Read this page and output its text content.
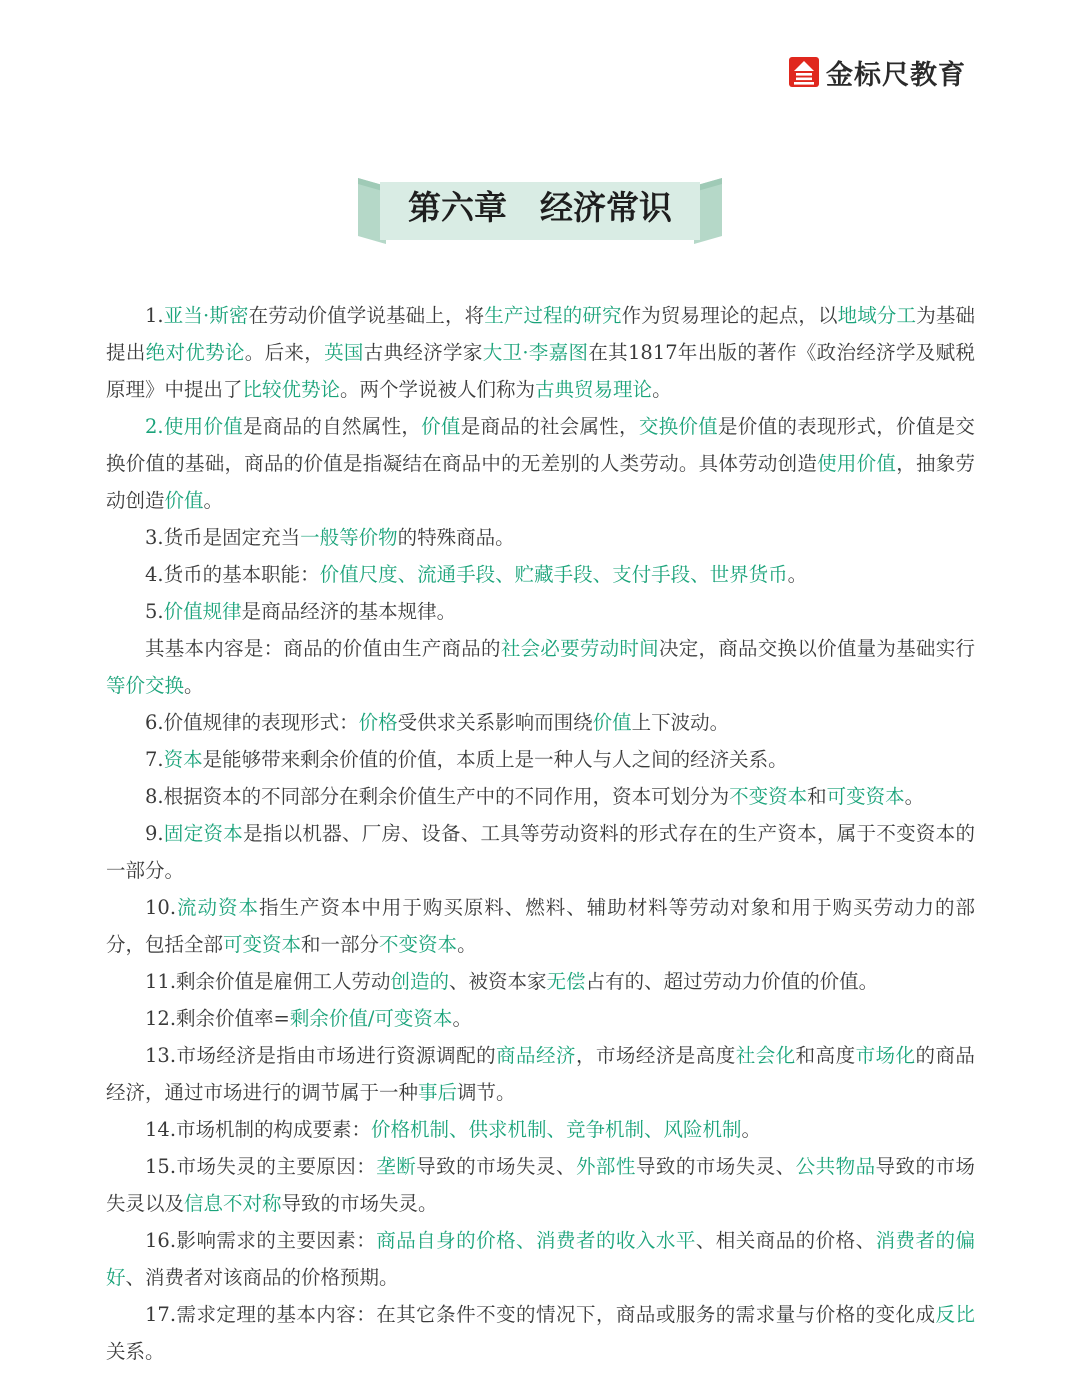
金标尺教育
第六章　经济常识

1.亚当·斯密在劳动价值学说基础上，将生产过程的研究作为贸易理论的起点，以地域分工为基础提出绝对优势论。后来，英国古典经济学家大卫·李嘉图在其1817年出版的著作《政治经济学及赋税原理》中提出了比较优势论。两个学说被人们称为古典贸易理论。

2.使用价值是商品的自然属性，价值是商品的社会属性，交换价值是价值的表现形式，价值是交换价值的基础，商品的价值是指凝结在商品中的无差别的人类劳动。具体劳动创造使用价值，抽象劳动创造价值。

3.货币是固定充当一般等价物的特殊商品。

4.货币的基本职能：价值尺度、流通手段、贮藏手段、支付手段、世界货币。

5.价值规律是商品经济的基本规律。

其基本内容是：商品的价值由生产商品的社会必要劳动时间决定，商品交换以价值量为基础实行等价交换。

6.价值规律的表现形式：价格受供求关系影响而围绕价值上下波动。

7.资本是能够带来剩余价值的价值，本质上是一种人与人之间的经济关系。

8.根据资本的不同部分在剩余价值生产中的不同作用，资本可划分为不变资本和可变资本。

9.固定资本是指以机器、厂房、设备、工具等劳动资料的形式存在的生产资本，属于不变资本的一部分。

10.流动资本指生产资本中用于购买原料、燃料、辅助材料等劳动对象和用于购买劳动力的部分，包括全部可变资本和一部分不变资本。

11.剩余价值是雇佣工人劳动创造的、被资本家无偿占有的、超过劳动力价值的价值。

12.剩余价值率=剩余价值/可变资本。

13.市场经济是指由市场进行资源调配的商品经济，市场经济是高度社会化和高度市场化的商品经济，通过市场进行的调节属于一种事后调节。

14.市场机制的构成要素：价格机制、供求机制、竞争机制、风险机制。

15.市场失灵的主要原因：垄断导致的市场失灵、外部性导致的市场失灵、公共物品导致的市场失灵以及信息不对称导致的市场失灵。

16.影响需求的主要因素：商品自身的价格、消费者的收入水平、相关商品的价格、消费者的偏好、消费者对该商品的价格预期。

17.需求定理的基本内容：在其它条件不变的情况下，商品或服务的需求量与价格的变化成反比关系。
